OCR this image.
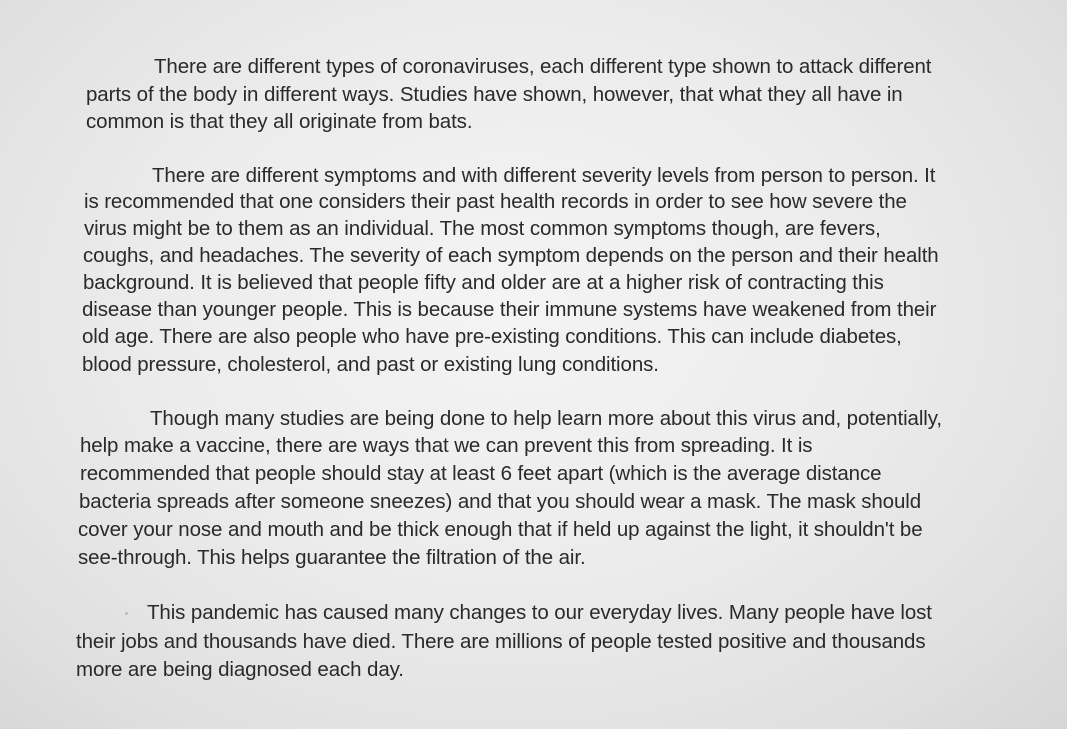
There are different types of coronaviruses, each different type shown to attack different
parts of the body in different ways. Studies have shown, however, that what they all have in
common is that they all originate from bats.
There are different symptoms and with different severity levels from person to person. It
is recommended that one considers their past health records in order to see how severe the
virus might be to them as an individual. The most common symptoms though, are fevers,
coughs, and headaches. The severity of each symptom depends on the person and their health
background. It is believed that people fifty and older are at a higher risk of contracting this
disease than younger people. This is because their immune systems have weakened from their
old age. There are also people who have pre-existing conditions. This can include diabetes,
blood pressure, cholesterol, and past or existing lung conditions.
Though many studies are being done to help learn more about this virus and, potentially,
help make a vaccine, there are ways that we can prevent this from spreading. It is
recommended that people should stay at least 6 feet apart (which is the average distance
bacteria spreads after someone sneezes) and that you should wear a mask. The mask should
cover your nose and mouth and be thick enough that if held up against the light, it shouldn't be
see-through. This helps guarantee the filtration of the air.
This pandemic has caused many changes to our everyday lives. Many people have lost
their jobs and thousands have died. There are millions of people tested positive and thousands
more are being diagnosed each day.
